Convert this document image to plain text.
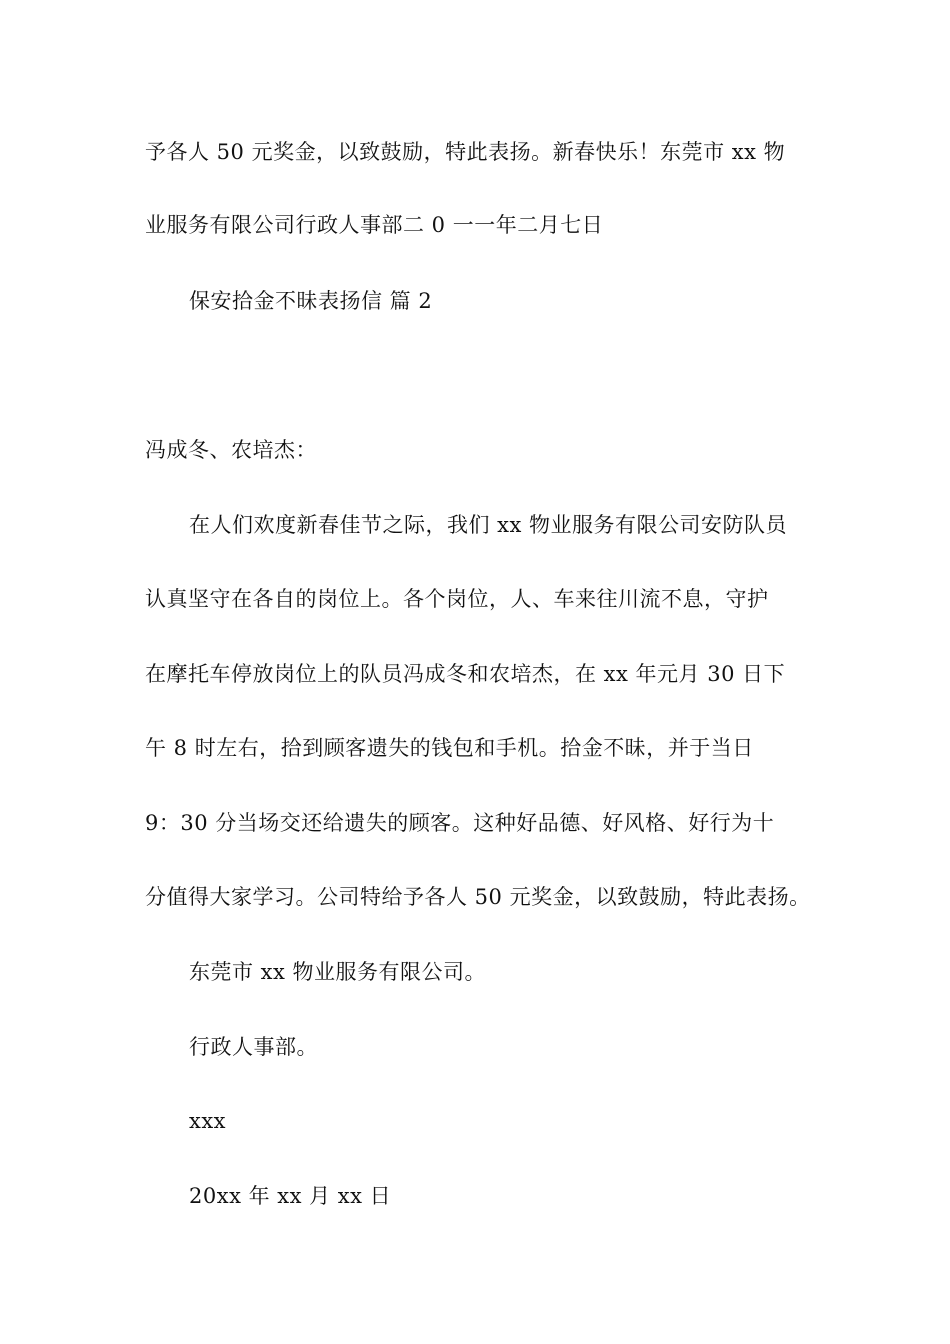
予各人 50 元奖金，以致鼓励，特此表扬。新春快乐！东莞市 xx 物
业服务有限公司行政人事部二 0 一一年二月七日
保安拾金不昧表扬信 篇 2
冯成冬、农培杰：
在人们欢度新春佳节之际，我们 xx 物业服务有限公司安防队员
认真坚守在各自的岗位上。各个岗位，人、车来往川流不息，守护
在摩托车停放岗位上的队员冯成冬和农培杰，在 xx 年元月 30 日下
午 8 时左右，拾到顾客遗失的钱包和手机。拾金不昧，并于当日
9：30 分当场交还给遗失的顾客。这种好品德、好风格、好行为十
分值得大家学习。公司特给予各人 50 元奖金，以致鼓励，特此表扬。
东莞市 xx 物业服务有限公司。
行政人事部。
xxx
20xx 年 xx 月 xx 日
